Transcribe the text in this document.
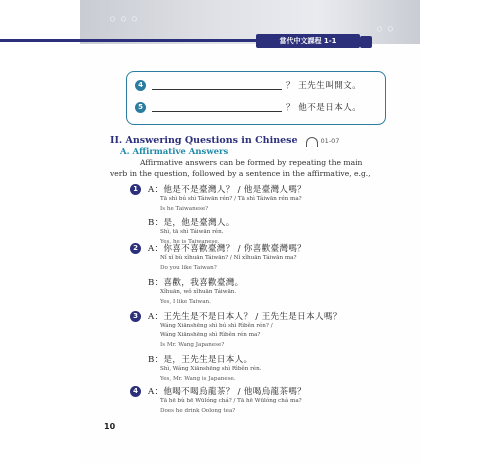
◦◦◦
◦◦
當代中文課程 1-1
4	？ 王先生叫開文。
5	？ 他不是日本人。
II. Answering Questions in Chinese	01-07
A. Affirmative Answers
Affirmative answers can be formed by repeating the main verb in the question, followed by a sentence in the affirmative, e.g.,
1	A：他是不是臺灣人？ / 他是臺灣人嗎？
Tā shì bú shì Táiwān rén? / Tā shì Táiwān rén ma?
Is he Taiwanese?
B：是，他是臺灣人。
Shì, tā shì Táiwān rén.
Yes, he is Taiwanese.
2	A：你喜不喜歡臺灣？ / 你喜歡臺灣嗎？
Nǐ xǐ bù xǐhuān Táiwān? / Nǐ xǐhuān Táiwān ma?
Do you like Taiwan?
B：喜歡，我喜歡臺灣。
Xǐhuān, wǒ xǐhuān Táiwān.
Yes, I like Taiwan.
3	A：王先生是不是日本人？ / 王先生是日本人嗎？
Wáng Xiānshēng shì bú shì Rìběn rén? /
Wáng Xiānshēng shì Rìběn rén ma?
Is Mr. Wang Japanese?
B：是，王先生是日本人。
Shì, Wáng Xiānshēng shì Rìběn rén.
Yes, Mr. Wang is Japanese.
4	A：他喝不喝烏龍茶？ / 他喝烏龍茶嗎？
Tā hē bù hē Wūlóng chá? / Tā hē Wūlóng chá ma?
Does he drink Oolong tea?
10
